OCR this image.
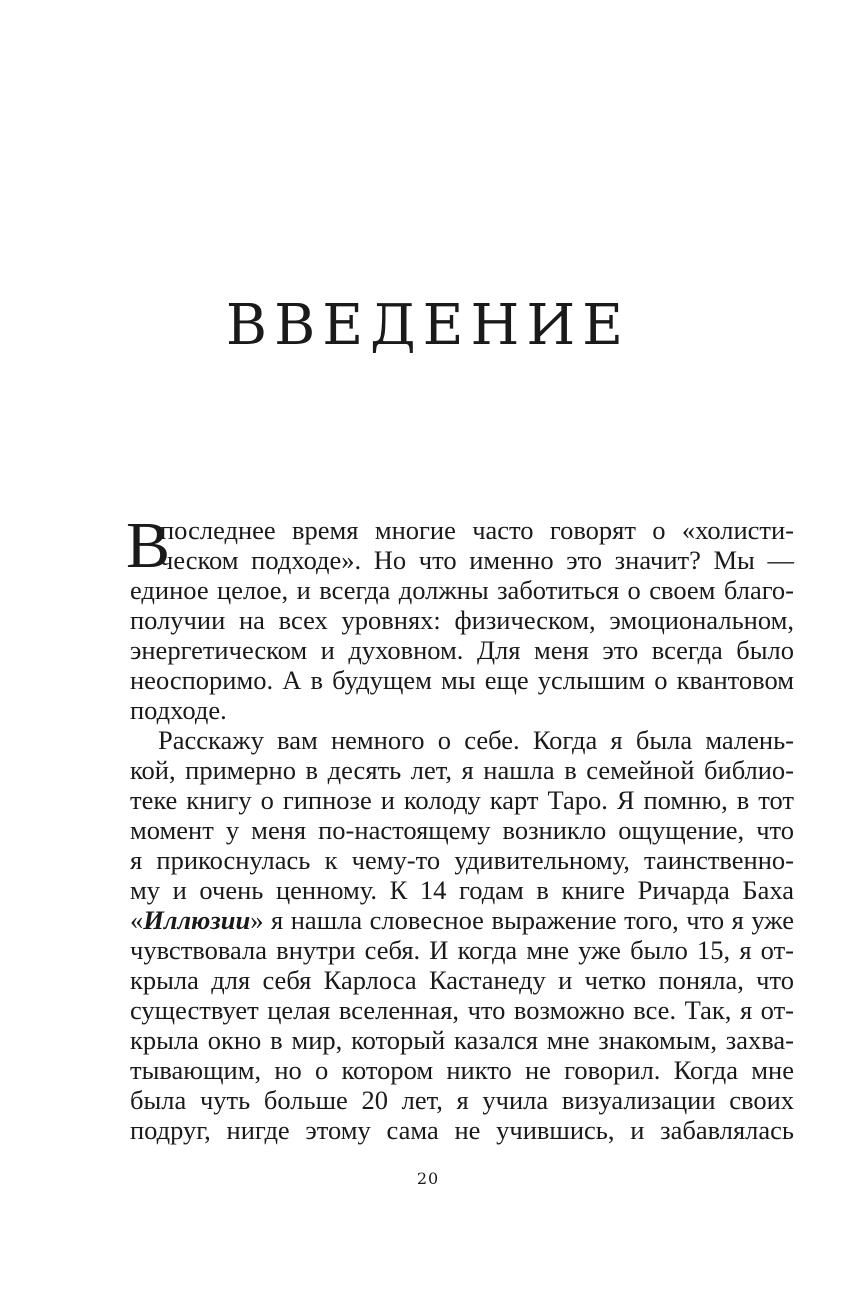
ВВЕДЕНИЕ
В
последнее время многие часто говорят о «холисти-
ческом подходе». Но что именно это значит? Мы —
единое целое, и всегда должны заботиться о своем благо-
получии на всех уровнях: физическом, эмоциональном,
энергетическом и духовном. Для меня это всегда было
неоспоримо. А в будущем мы еще услышим о квантовом
подходе.
Расскажу вам немного о себе. Когда я была малень-
кой, примерно в десять лет, я нашла в семейной библио-
теке книгу о гипнозе и колоду карт Таро. Я помню, в тот
момент у меня по-настоящему возникло ощущение, что
я прикоснулась к чему-то удивительному, таинственно-
му и очень ценному. К 14 годам в книге Ричарда Баха
«Иллюзии» я нашла словесное выражение того, что я уже
чувствовала внутри себя. И когда мне уже было 15, я от-
крыла для себя Карлоса Кастанеду и четко поняла, что
существует целая вселенная, что возможно все. Так, я от-
крыла окно в мир, который казался мне знакомым, захва-
тывающим, но о котором никто не говорил. Когда мне
была чуть больше 20 лет, я учила визуализации своих
подруг, нигде этому сама не учившись, и забавлялась
20
